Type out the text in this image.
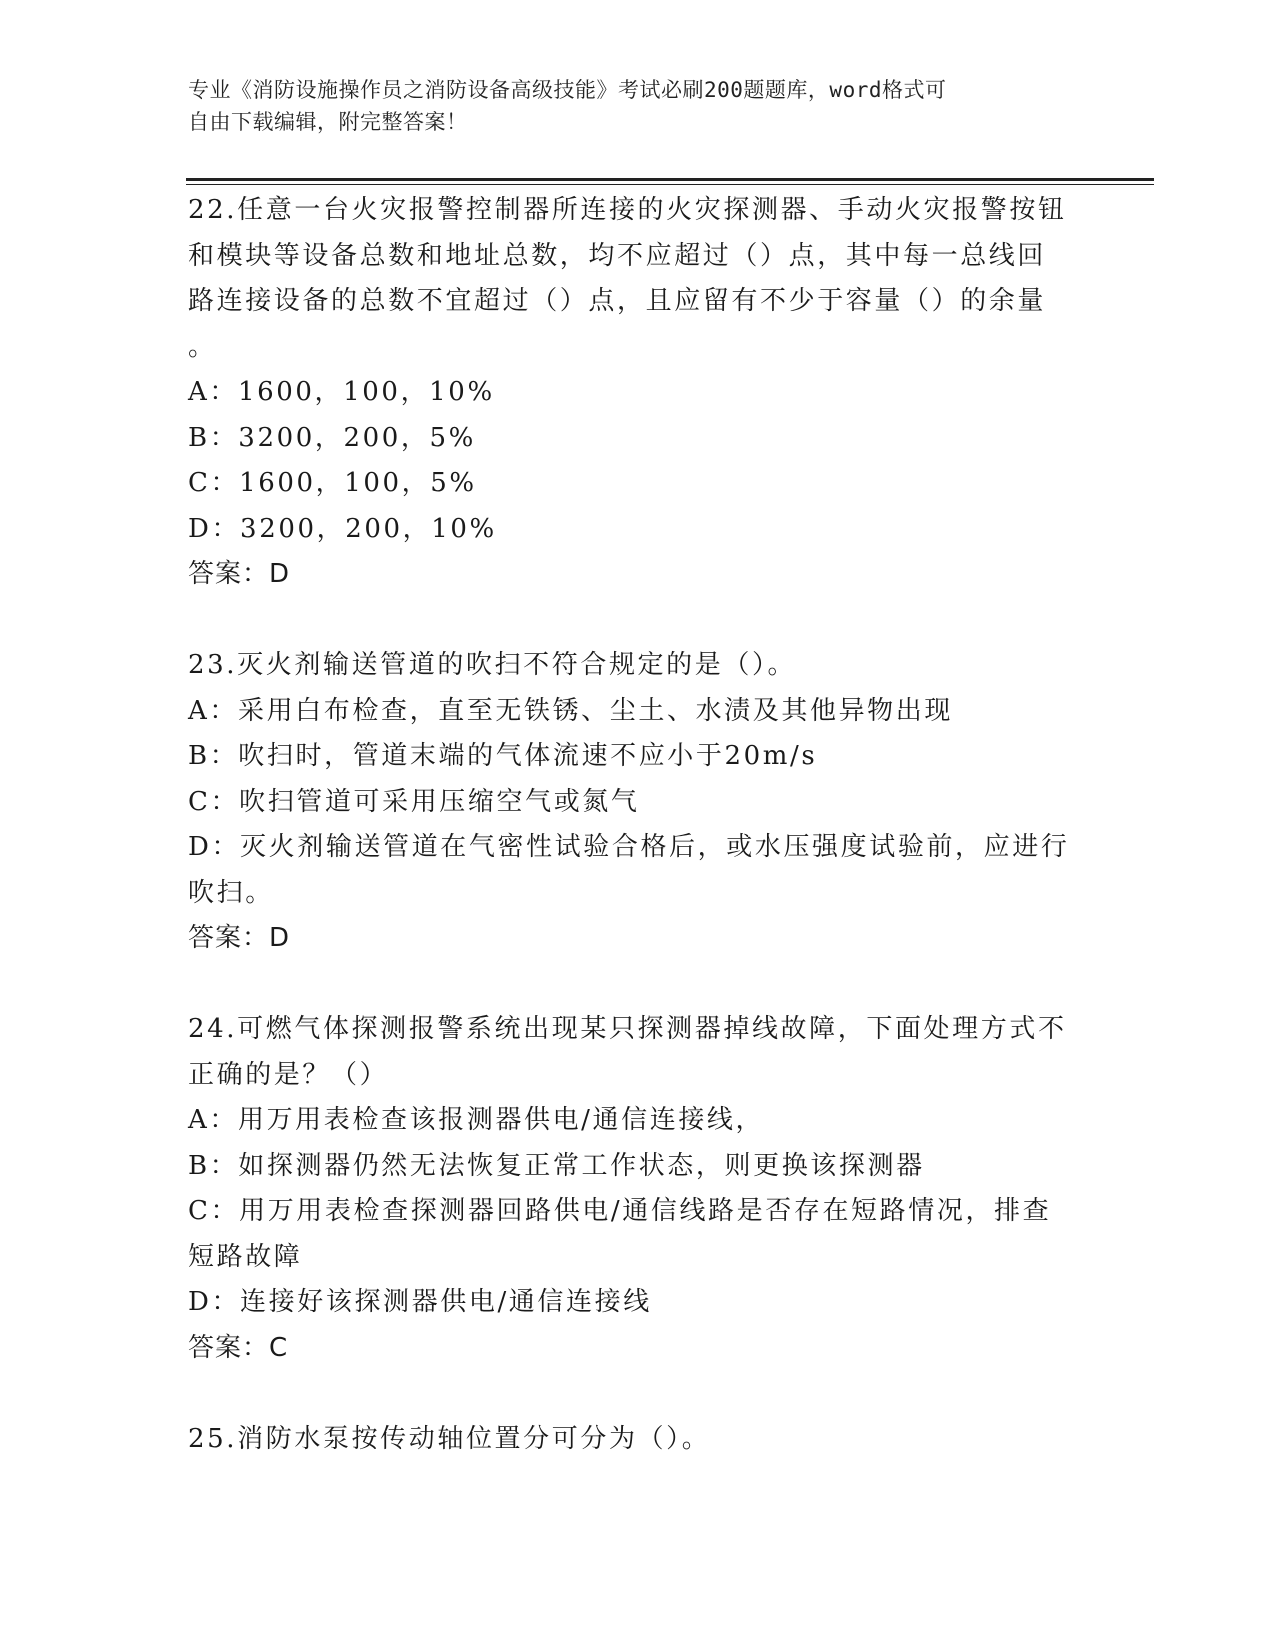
专业《消防设施操作员之消防设备高级技能》考试必刷200题题库，word格式可
自由下载编辑，附完整答案！
22.任意一台火灾报警控制器所连接的火灾探测器、手动火灾报警按钮
和模块等设备总数和地址总数，均不应超过（）点，其中每一总线回
路连接设备的总数不宜超过（）点，且应留有不少于容量（）的余量
。
A：1600，100，10%
B：3200，200，5%
C：1600，100，5%
D：3200，200，10%
答案：D
23.灭火剂输送管道的吹扫不符合规定的是（）。
A：采用白布检查，直至无铁锈、尘土、水渍及其他异物出现
B：吹扫时，管道末端的气体流速不应小于20m/s
C：吹扫管道可采用压缩空气或氮气
D：灭火剂输送管道在气密性试验合格后，或水压强度试验前，应进行
吹扫。
答案：D
24.可燃气体探测报警系统出现某只探测器掉线故障，下面处理方式不
正确的是？（）
A：用万用表检查该报测器供电/通信连接线，
B：如探测器仍然无法恢复正常工作状态，则更换该探测器
C：用万用表检查探测器回路供电/通信线路是否存在短路情况，排查
短路故障
D：连接好该探测器供电/通信连接线
答案：C
25.消防水泵按传动轴位置分可分为（）。
